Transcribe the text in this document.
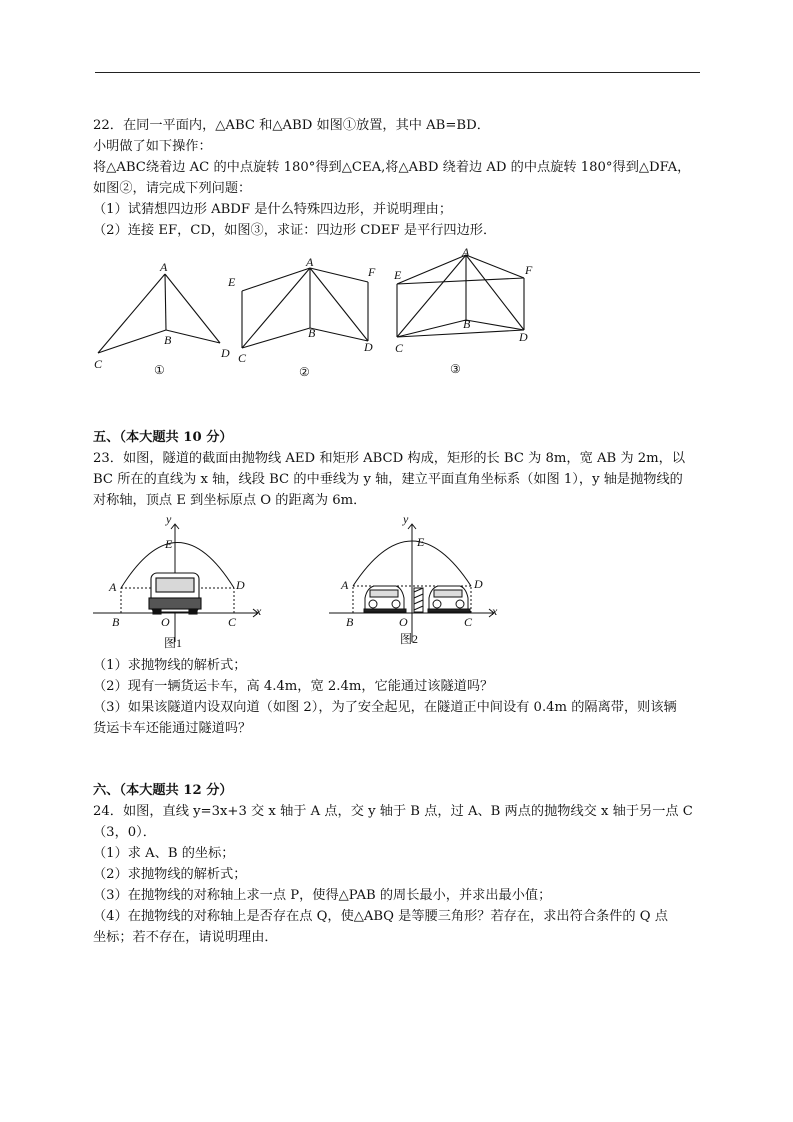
22．在同一平面内，△ABC 和△ABD 如图①放置，其中 AB=BD．
小明做了如下操作：
将△ABC绕着边 AC 的中点旋转 180°得到△CEA,将△ABD 绕着边 AD 的中点旋转 180°得到△DFA，
如图②，请完成下列问题：
（1）试猜想四边形 ABDF 是什么特殊四边形，并说明理由；
（2）连接 EF，CD，如图③，求证：四边形 CDEF 是平行四边形．
A
B
C
D
①
E
A
F
B
C
D
②
E
A
F
B
C
D
③
五、（本大题共 10 分）
23．如图，隧道的截面由抛物线 AED 和矩形 ABCD 构成，矩形的长 BC 为 8m，宽 AB 为 2m，以
BC 所在的直线为 x 轴，线段 BC 的中垂线为 y 轴，建立平面直角坐标系（如图 1），y 轴是抛物线的
对称轴，顶点 E 到坐标原点 O 的距离为 6m．
y
x
E
A	D
B	O	C
图1
y
x
E
A	D
B	O	C
图2
（1）求抛物线的解析式；
（2）现有一辆货运卡车，高 4.4m，宽 2.4m，它能通过该隧道吗？
（3）如果该隧道内设双向道（如图 2），为了安全起见，在隧道正中间设有 0.4m 的隔离带，则该辆
货运卡车还能通过隧道吗？
六、（本大题共 12 分）
24．如图，直线 y=3x+3 交 x 轴于 A 点，交 y 轴于 B 点，过 A、B 两点的抛物线交 x 轴于另一点 C
（3，0）．
（1）求 A、B 的坐标；
（2）求抛物线的解析式；
（3）在抛物线的对称轴上求一点 P，使得△PAB 的周长最小，并求出最小值；
（4）在抛物线的对称轴上是否存在点 Q，使△ABQ 是等腰三角形？若存在，求出符合条件的 Q 点
坐标；若不存在，请说明理由．
